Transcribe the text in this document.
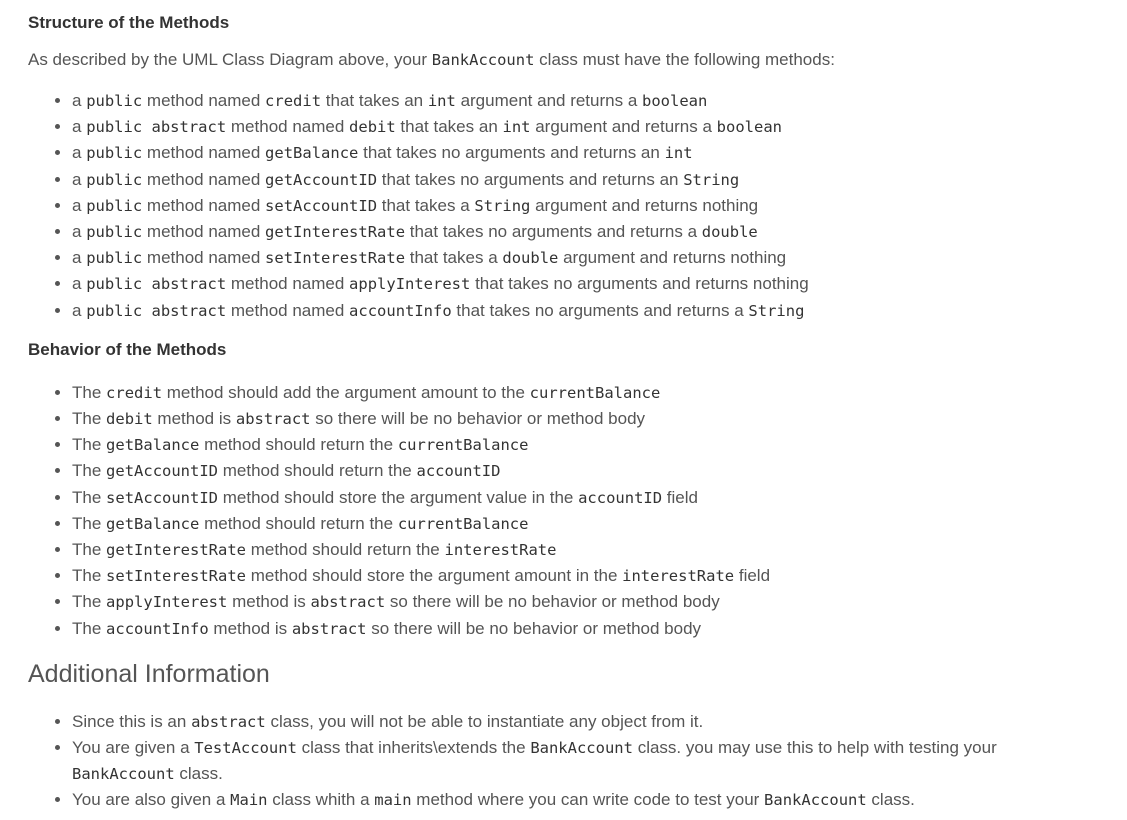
Structure of the Methods

As described by the UML Class Diagram above, your BankAccount class must have the following methods:

• a public method named credit that takes an int argument and returns a boolean
• a public abstract method named debit that takes an int argument and returns a boolean
• a public method named getBalance that takes no arguments and returns an int
• a public method named getAccountID that takes no arguments and returns an String
• a public method named setAccountID that takes a String argument and returns nothing
• a public method named getInterestRate that takes no arguments and returns a double
• a public method named setInterestRate that takes a double argument and returns nothing
• a public abstract method named applyInterest that takes no arguments and returns nothing
• a public abstract method named accountInfo that takes no arguments and returns a String
Behavior of the Methods
• The credit method should add the argument amount to the currentBalance
• The debit method is abstract so there will be no behavior or method body
• The getBalance method should return the currentBalance
• The getAccountID method should return the accountID
• The setAccountID method should store the argument value in the accountID field
• The getBalance method should return the currentBalance
• The getInterestRate method should return the interestRate
• The setInterestRate method should store the argument amount in the interestRate field
• The applyInterest method is abstract so there will be no behavior or method body
• The accountInfo method is abstract so there will be no behavior or method body
Additional Information
• Since this is an abstract class, you will not be able to instantiate any object from it.
• You are given a TestAccount class that inherits\extends the BankAccount class. you may use this to help with testing your BankAccount class.
• You are also given a Main class whith a main method where you can write code to test your BankAccount class.
